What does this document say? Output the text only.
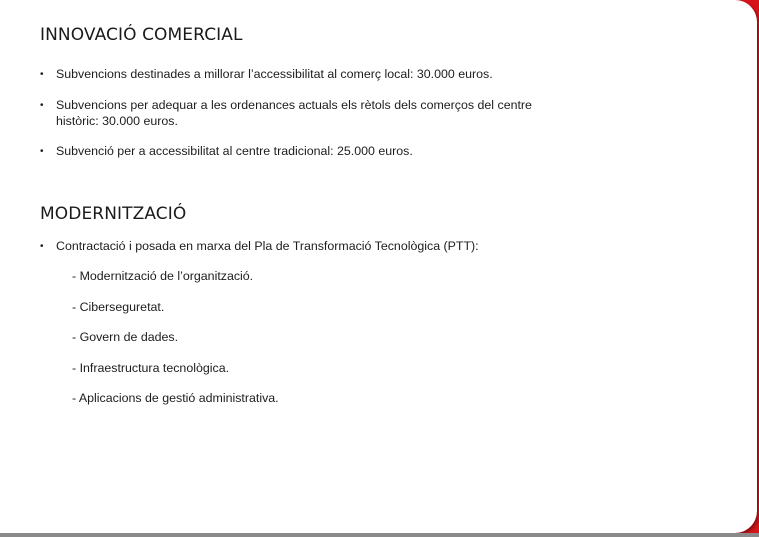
INNOVACIÓ COMERCIAL
•	Subvencions destinades a millorar l’accessibilitat al comerç local: 30.000 euros.
•	Subvencions per adequar a les ordenances actuals els rètols dels comerços del centre històric: 30.000 euros.
•	Subvenció per a accessibilitat al centre tradicional: 25.000 euros.
MODERNITZACIÓ
•	Contractació i posada en marxa del Pla de Transformació Tecnològica (PTT):
- Modernització de l’organització.
- Ciberseguretat.
- Govern de dades.
- Infraestructura tecnològica.
- Aplicacions de gestió administrativa.
